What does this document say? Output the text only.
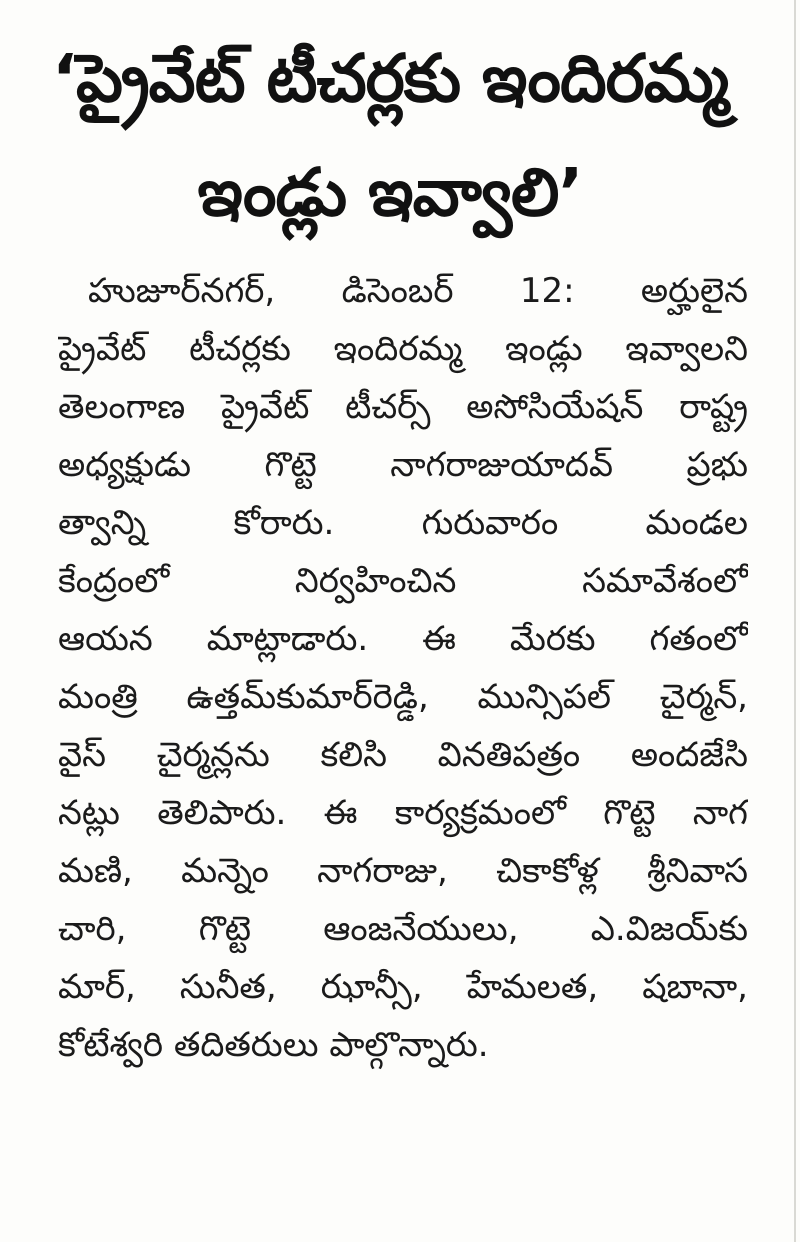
‘ప్రైవేట్ టీచర్లకు ఇందిరమ్మ
ఇండ్లు ఇవ్వాలి’
హుజూర్‌నగర్, డిసెంబర్ 12: అర్హులైన
ప్రైవేట్ టీచర్లకు ఇందిరమ్మ ఇండ్లు ఇవ్వాలని
తెలంగాణ ప్రైవేట్ టీచర్స్ అసోసియేషన్ రాష్ట్ర
అధ్యక్షుడు గొట్టె నాగరాజుయాదవ్ ప్రభు
త్వాన్ని కోరారు. గురువారం మండల
కేంద్రంలో నిర్వహించిన సమావేశంలో
ఆయన మాట్లాడారు. ఈ మేరకు గతంలో
మంత్రి ఉత్తమ్‌కుమార్‌రెడ్డి, మున్సిపల్ చైర్మన్,
వైస్ చైర్మన్లను కలిసి వినతిపత్రం అందజేసి
నట్లు తెలిపారు. ఈ కార్యక్రమంలో గొట్టె నాగ
మణి, మన్నెం నాగరాజు, చికాకోళ్ల శ్రీనివాస
చారి, గొట్టె ఆంజనేయులు, ఎ.విజయ్‌కు
మార్, సునీత, ఝాన్సీ, హేమలత, షబానా,
కోటేశ్వరి తదితరులు పాల్గొన్నారు.
